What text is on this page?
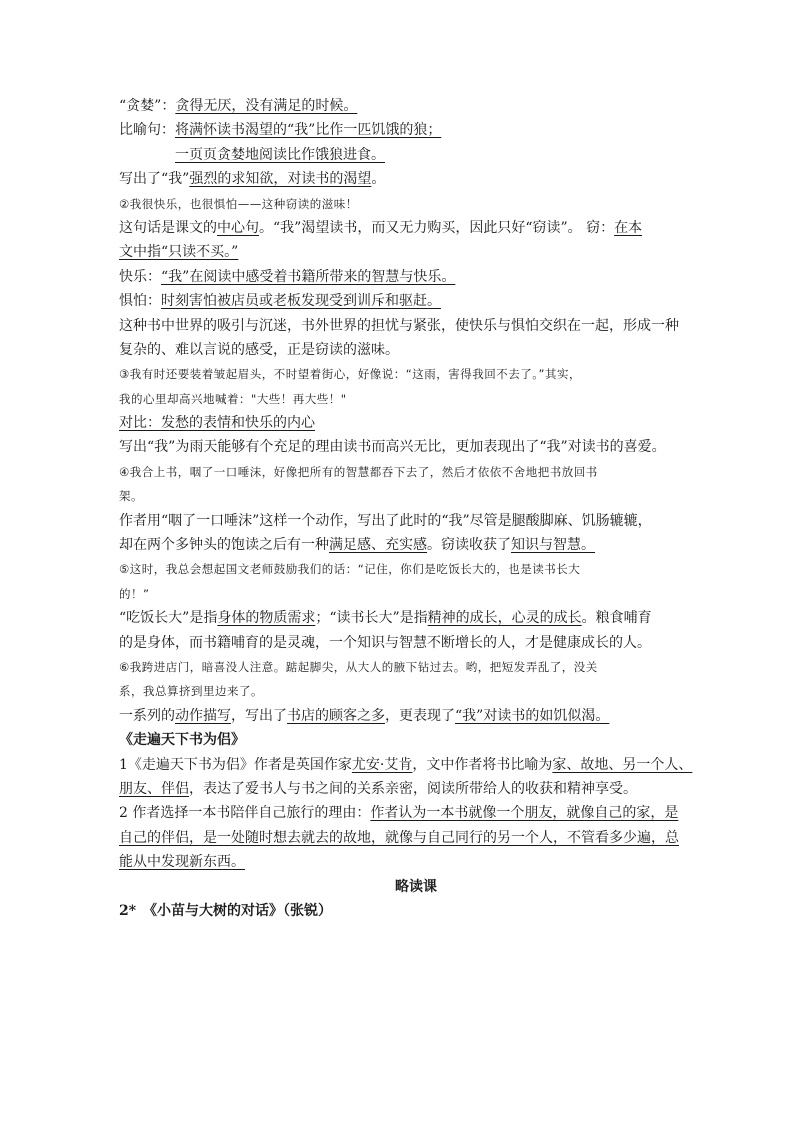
“贪婪”：贪得无厌，没有满足的时候。
比喻句：将满怀读书渴望的“我”比作一匹饥饿的狼；
一页页贪婪地阅读比作饿狼进食。
写出了“我”强烈的求知欲，对读书的渴望。
②我很快乐，也很惧怕——这种窃读的滋味！
这句话是课文的中心句。“我”渴望读书，而又无力购买，因此只好“窃读”。 窃：在本
文中指“只读不买。”
快乐：“我”在阅读中感受着书籍所带来的智慧与快乐。
惧怕：时刻害怕被店员或老板发现受到训斥和驱赶。
这种书中世界的吸引与沉迷，书外世界的担忧与紧张，使快乐与惧怕交织在一起，形成一种
复杂的、难以言说的感受，正是窃读的滋味。
③我有时还要装着皱起眉头，不时望着街心，好像说：“这雨，害得我回不去了。”其实，
我的心里却高兴地喊着："大些！再大些！"
对比：发愁的表情和快乐的内心
写出“我”为雨天能够有个充足的理由读书而高兴无比，更加表现出了“我”对读书的喜爱。
④我合上书，咽了一口唾沫，好像把所有的智慧都吞下去了，然后才依依不舍地把书放回书
架。
作者用“咽了一口唾沫”这样一个动作，写出了此时的“我”尽管是腿酸脚麻、饥肠辘辘，
却在两个多钟头的饱读之后有一种满足感、充实感。窃读收获了知识与智慧。
⑤这时，我总会想起国文老师鼓励我们的话：“记住，你们是吃饭长大的，也是读书长大
的！”
“吃饭长大”是指身体的物质需求；“读书长大”是指精神的成长，心灵的成长。粮食哺育
的是身体，而书籍哺育的是灵魂，一个知识与智慧不断增长的人，才是健康成长的人。
⑥我跨进店门，暗喜没人注意。踮起脚尖，从大人的腋下钻过去。哟，把短发弄乱了，没关
系，我总算挤到里边来了。
一系列的动作描写，写出了书店的顾客之多，更表现了“我”对读书的如饥似渴。
《走遍天下书为侣》
1《走遍天下书为侣》作者是英国作家尤安·艾肯，文中作者将书比喻为家、故地、另一个人、
朋友、伴侣，表达了爱书人与书之间的关系亲密，阅读所带给人的收获和精神享受。
2 作者选择一本书陪伴自己旅行的理由：作者认为一本书就像一个朋友，就像自己的家，是
自己的伴侣，是一处随时想去就去的故地，就像与自己同行的另一个人，不管看多少遍，总
能从中发现新东西。
略读课
2*　《小苗与大树的对话》（张锐）
